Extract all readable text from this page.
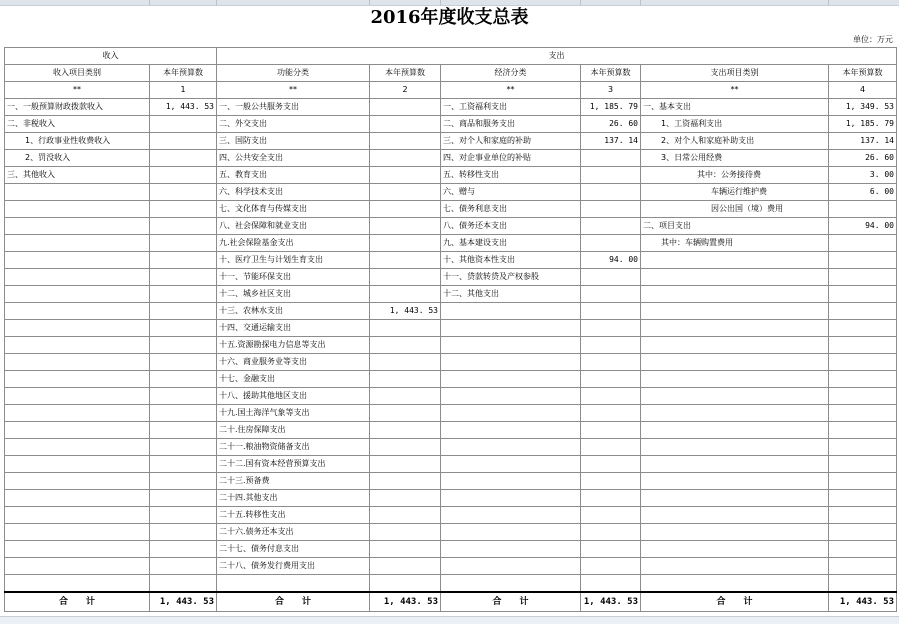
2016年度收支总表
单位：万元
收入		支出					
收入项目类别	本年预算数	功能分类	本年预算数	经济分类	本年预算数	支出项目类别	本年预算数
**	1	**	2	**	3	**	4
一、一般预算财政拨款收入	1, 443. 53	一、一般公共服务支出		一、工资福利支出	1, 185. 79	一、基本支出	1, 349. 53
二、非税收入		二、外交支出		二、商品和服务支出	26. 60	1、工资福利支出	1, 185. 79
1、行政事业性收费收入		三、国防支出		三、对个人和家庭的补助	137. 14	2、对个人和家庭补助支出	137. 14
2、罚没收入		四、公共安全支出		四、对企事业单位的补贴		3、日常公用经费	26. 60
三、其他收入		五、教育支出		五、转移性支出		其中：公务接待费	3. 00
		六、科学技术支出		六、赠与		车辆运行维护费	6. 00
		七、文化体育与传媒支出		七、债务利息支出		因公出国（境）费用	
		八、社会保障和就业支出		八、债务还本支出		二、项目支出	94. 00
		九.社会保险基金支出		九、基本建设支出		其中：车辆购置费用	
		十、医疗卫生与计划生育支出		十、其他资本性支出	94. 00		
		十一、节能环保支出		十一、贷款转贷及产权参股			
		十二、城乡社区支出		十二、其他支出			
		十三、农林水支出	1, 443. 53				
		十四、交通运输支出					
		十五.资源勘探电力信息等支出					
		十六、商业服务业等支出					
		十七、金融支出					
		十八、援助其他地区支出					
		十九.国土海洋气象等支出					
		二十.住房保障支出					
		二十一.粮油物资储备支出					
		二十二.国有资本经营预算支出					
		二十三.预备费					
		二十四.其他支出					
		二十五.转移性支出					
		二十六.债务还本支出					
		二十七、债务付息支出					
		二十八、债务发行费用支出					

合　　计	1, 443. 53	合　　计	1, 443. 53	合　　计	1, 443. 53	合　　计	1, 443. 53
